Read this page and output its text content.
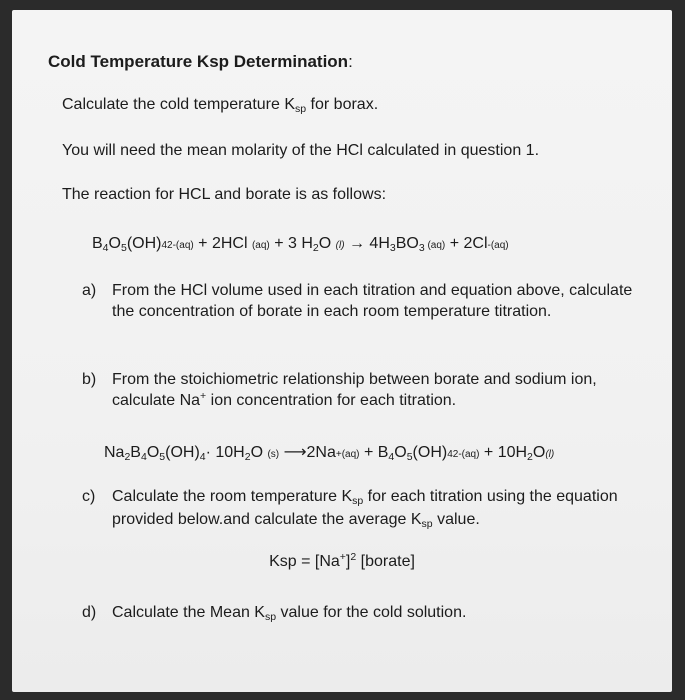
Cold Temperature Ksp Determination:
Calculate the cold temperature Ksp for borax.
You will need the mean molarity of the HCl calculated in question 1.
The reaction for HCL and borate is as follows:
B4O5(OH)42-(aq) + 2HCl (aq) + 3 H2O (l) → 4H3BO3 (aq) + 2Cl-(aq)
a) From the HCl volume used in each titration and equation above, calculate the concentration of borate in each room temperature titration.
b) From the stoichiometric relationship between borate and sodium ion, calculate Na+ ion concentration for each titration.
Na2B4O5(OH)4· 10H2O (s) ⟶2Na+(aq) + B4O5(OH)42-(aq) + 10H2O(l)
c) Calculate the room temperature Ksp for each titration using the equation provided below.and calculate the average Ksp value.
Ksp = $[Na^+]^2$ [borate]
d) Calculate the Mean Ksp value for the cold solution.
